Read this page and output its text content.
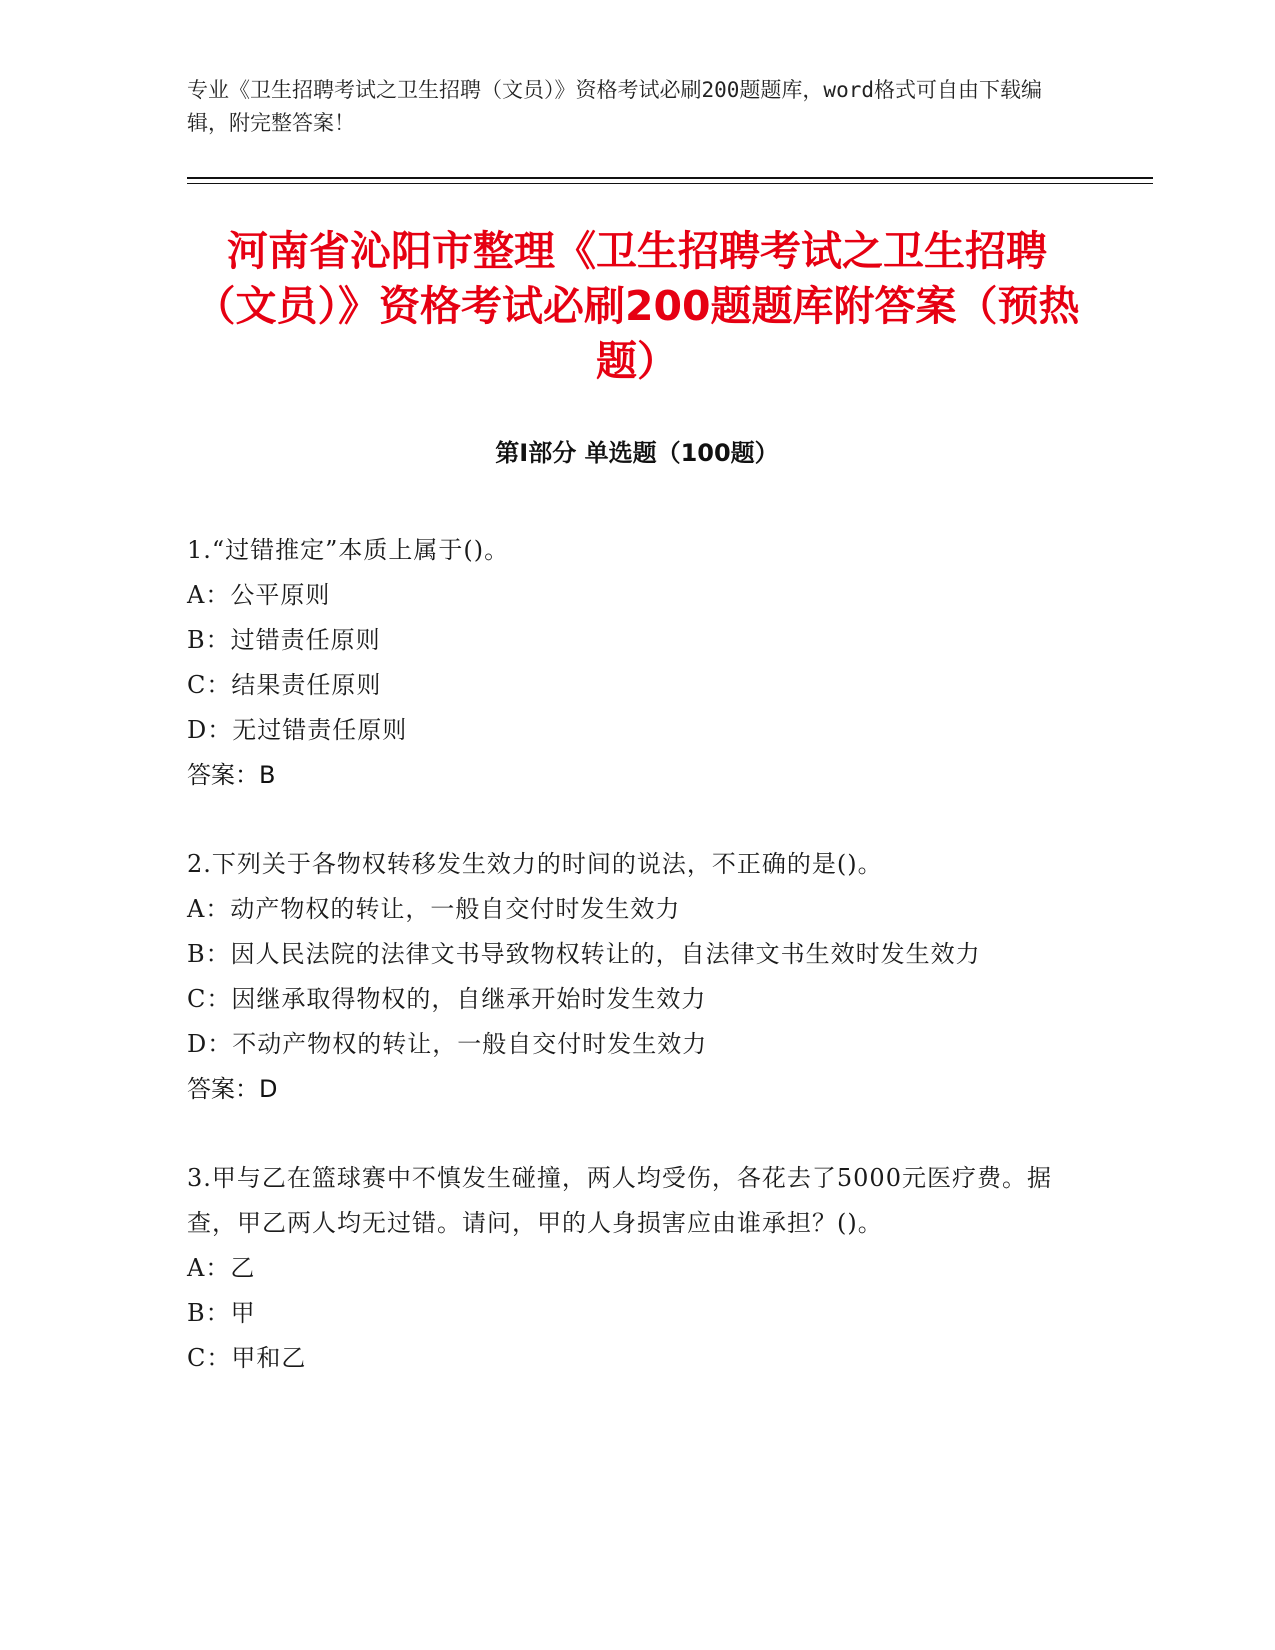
专业《卫生招聘考试之卫生招聘（文员）》资格考试必刷200题题库，word格式可自由下载编辑，附完整答案！
河南省沁阳市整理《卫生招聘考试之卫生招聘（文员）》资格考试必刷200题题库附答案（预热题）
第I部分 单选题（100题）
1.“过错推定”本质上属于()。
A：公平原则
B：过错责任原则
C：结果责任原则
D：无过错责任原则
答案：B
2.下列关于各物权转移发生效力的时间的说法，不正确的是()。
A：动产物权的转让，一般自交付时发生效力
B：因人民法院的法律文书导致物权转让的，自法律文书生效时发生效力
C：因继承取得物权的，自继承开始时发生效力
D：不动产物权的转让，一般自交付时发生效力
答案：D
3.甲与乙在篮球赛中不慎发生碰撞，两人均受伤，各花去了5000元医疗费。据查，甲乙两人均无过错。请问，甲的人身损害应由谁承担？()。
A：乙
B：甲
C：甲和乙
